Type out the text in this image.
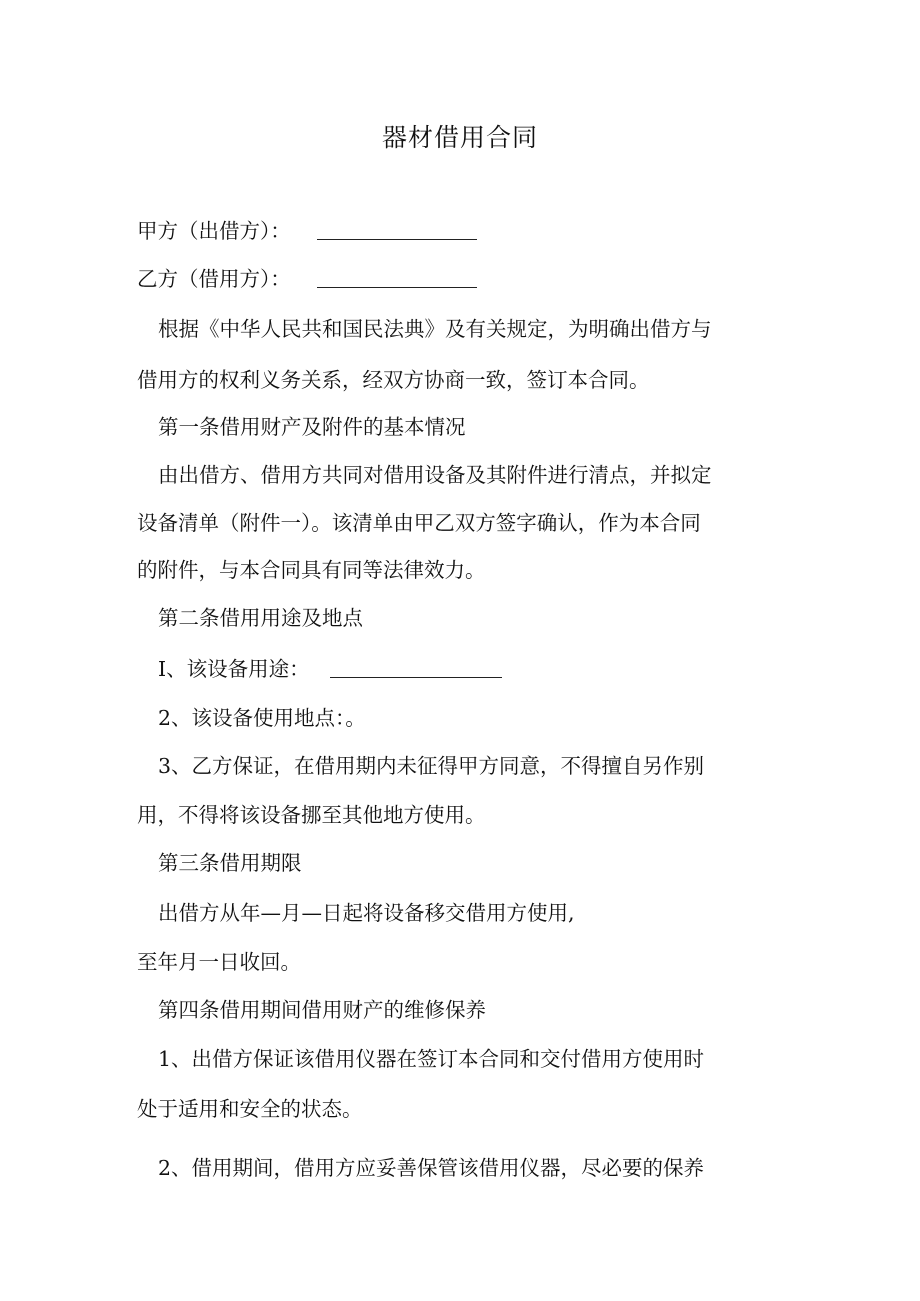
器材借用合同
甲方（出借方）：
乙方（借用方）：
根据《中华人民共和国民法典》及有关规定，为明确出借方与
借用方的权利义务关系，经双方协商一致，签订本合同。
第一条借用财产及附件的基本情况
由出借方、借用方共同对借用设备及其附件进行清点，并拟定
设备清单（附件一）。该清单由甲乙双方签字确认，作为本合同
的附件，与本合同具有同等法律效力。
第二条借用用途及地点
I、该设备用途：
2、该设备使用地点：。
3、乙方保证，在借用期内未征得甲方同意，不得擅自另作别
用，不得将该设备挪至其他地方使用。
第三条借用期限
出借方从年—月—日起将设备移交借用方使用,
至年月一日收回。
第四条借用期间借用财产的维修保养
1、出借方保证该借用仪器在签订本合同和交付借用方使用时
处于适用和安全的状态。
2、借用期间，借用方应妥善保管该借用仪器，尽必要的保养
